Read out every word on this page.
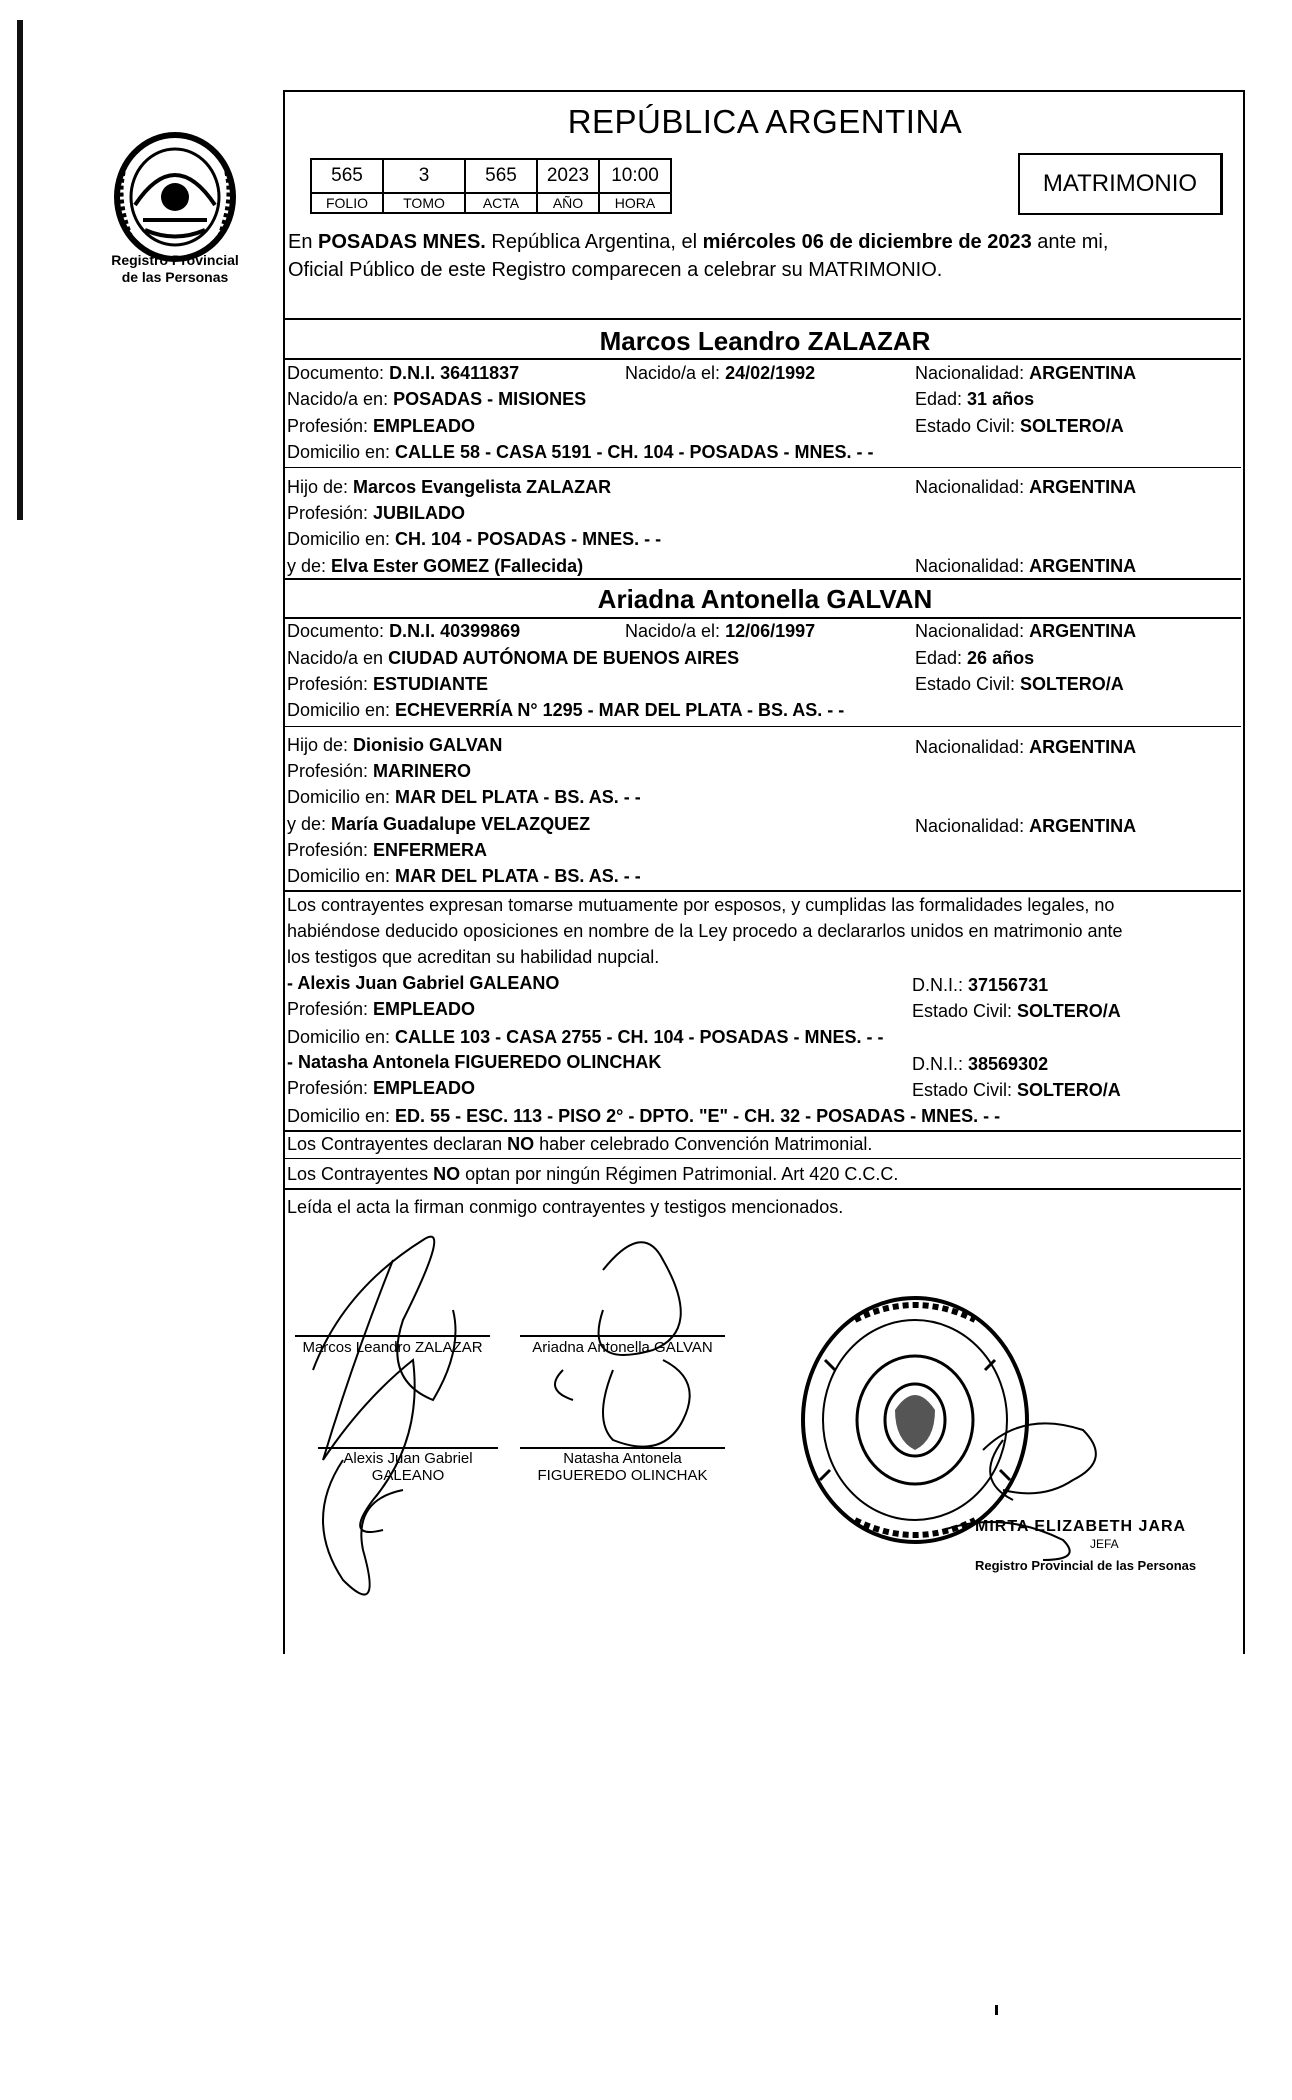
Registro Provincial
de las Personas
REPÚBLICA ARGENTINA
565	3	565	2023	10:00
FOLIO	TOMO	ACTA	AÑO	HORA
MATRIMONIO
En POSADAS MNES. República Argentina, el miércoles 06 de diciembre de 2023 ante mi,
Oficial Público de este Registro comparecen a celebrar su MATRIMONIO.
Marcos Leandro ZALAZAR
Documento: D.N.I. 36411837	Nacido/a el: 24/02/1992	Nacionalidad: ARGENTINA
Nacido/a en: POSADAS - MISIONES	Edad: 31 años
Profesión: EMPLEADO	Estado Civil: SOLTERO/A
Domicilio en: CALLE 58 - CASA 5191 - CH. 104 - POSADAS - MNES. - -
Hijo de: Marcos Evangelista ZALAZAR	Nacionalidad: ARGENTINA
Profesión: JUBILADO
Domicilio en: CH. 104 - POSADAS - MNES. - -
y de: Elva Ester GOMEZ (Fallecida)	Nacionalidad: ARGENTINA
Ariadna Antonella GALVAN
Documento: D.N.I. 40399869	Nacido/a el: 12/06/1997	Nacionalidad: ARGENTINA
Nacido/a en CIUDAD AUTÓNOMA DE BUENOS AIRES	Edad: 26 años
Profesión: ESTUDIANTE	Estado Civil: SOLTERO/A
Domicilio en: ECHEVERRÍA N° 1295 - MAR DEL PLATA - BS. AS. - -
Hijo de: Dionisio GALVAN	Nacionalidad: ARGENTINA
Profesión: MARINERO
Domicilio en: MAR DEL PLATA - BS. AS. - -
y de: María Guadalupe VELAZQUEZ	Nacionalidad: ARGENTINA
Profesión: ENFERMERA
Domicilio en: MAR DEL PLATA - BS. AS. - -
Los contrayentes expresan tomarse mutuamente por esposos, y cumplidas las formalidades legales, no
habiéndose deducido oposiciones en nombre de la Ley procedo a declararlos unidos en matrimonio ante
los testigos que acreditan su habilidad nupcial.
- Alexis Juan Gabriel GALEANO	D.N.I.: 37156731
Profesión: EMPLEADO	Estado Civil: SOLTERO/A
Domicilio en: CALLE 103 - CASA 2755 - CH. 104 - POSADAS - MNES. - -
- Natasha Antonela FIGUEREDO OLINCHAK	D.N.I.: 38569302
Profesión: EMPLEADO	Estado Civil: SOLTERO/A
Domicilio en: ED. 55 - ESC. 113 - PISO 2° - DPTO. "E" - CH. 32 - POSADAS - MNES. - -
Los Contrayentes declaran NO haber celebrado Convención Matrimonial.
Los Contrayentes NO optan por ningún Régimen Patrimonial. Art 420 C.C.C.
Leída el acta la firman conmigo contrayentes y testigos mencionados.
Marcos Leandro ZALAZAR	Ariadna Antonella GALVAN
Alexis Juan Gabriel
GALEANO
Natasha Antonela
FIGUEREDO OLINCHAK
MIRTA ELIZABETH JARA
JEFA
Registro Provincial de las Personas
